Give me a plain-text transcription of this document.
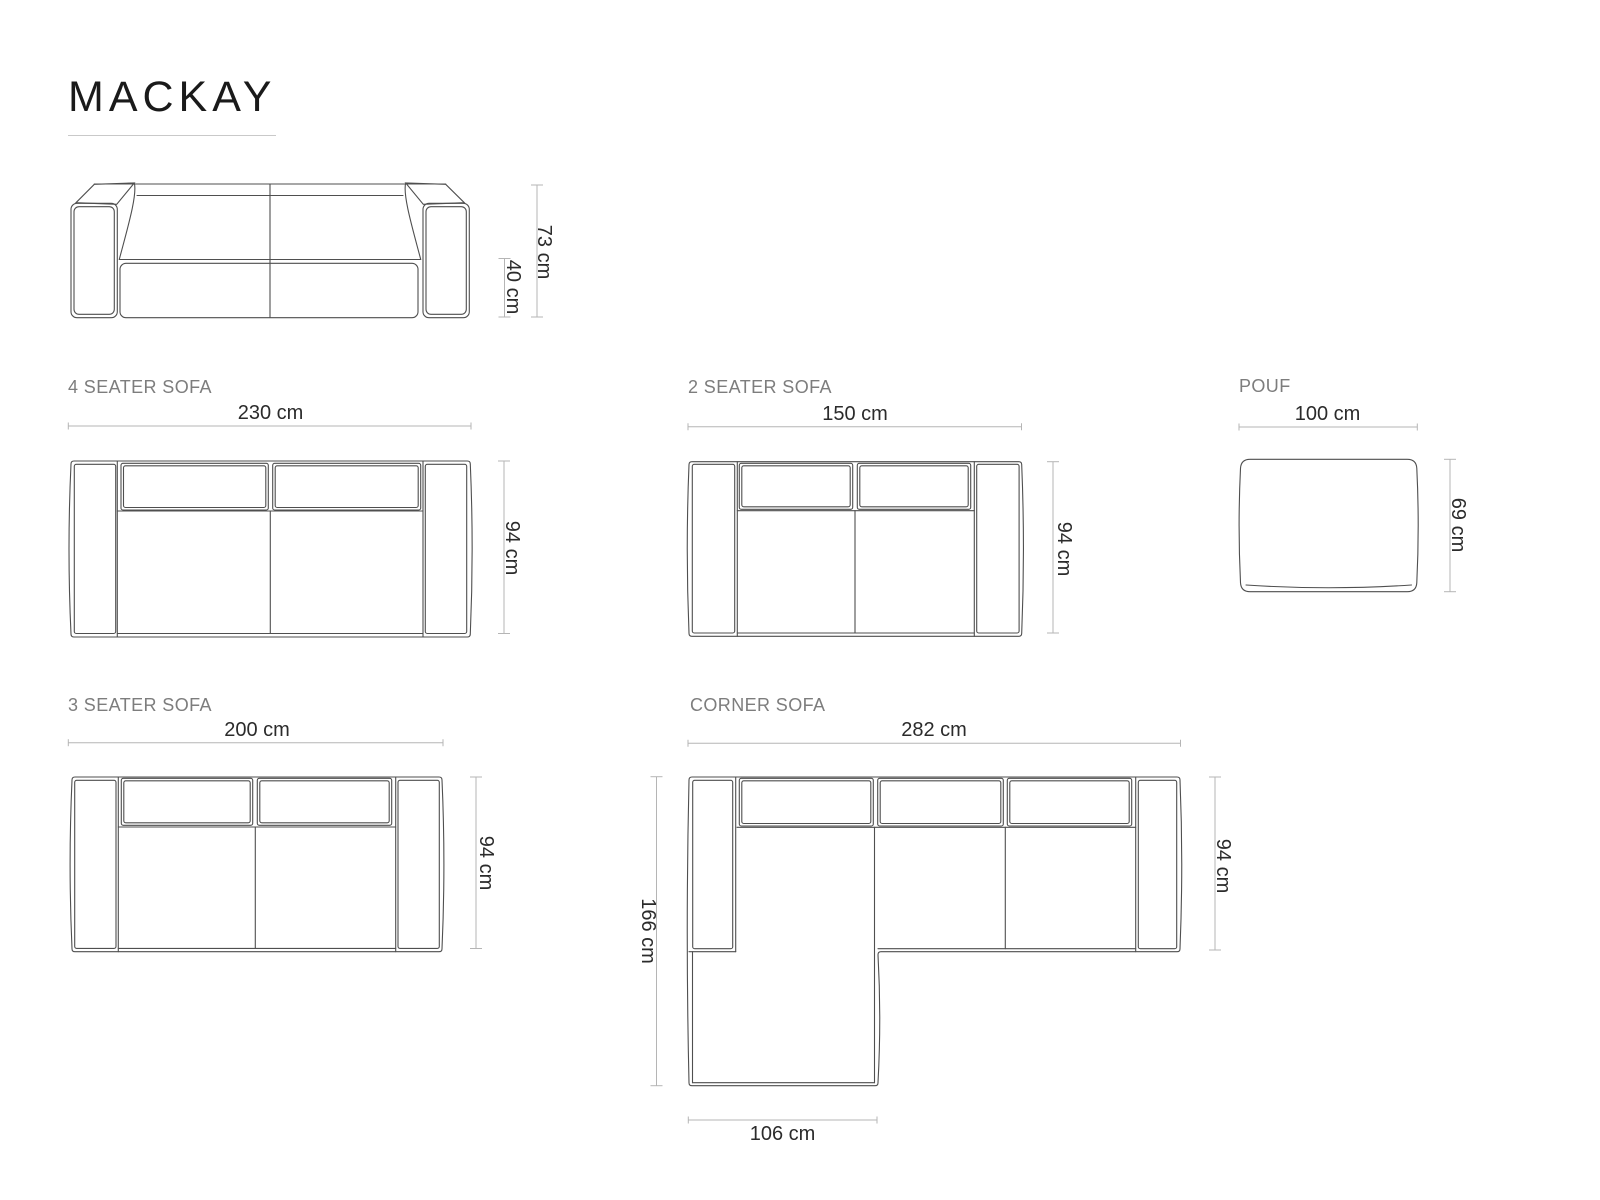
MACKAY
4 SEATER SOFA	2 SEATER SOFA	POUF
3 SEATER SOFA	CORNER SOFA
73 cm
40 cm
230 cm
94 cm
150 cm
94 cm
100 cm
69 cm
200 cm
94 cm
282 cm
94 cm
166 cm
106 cm
